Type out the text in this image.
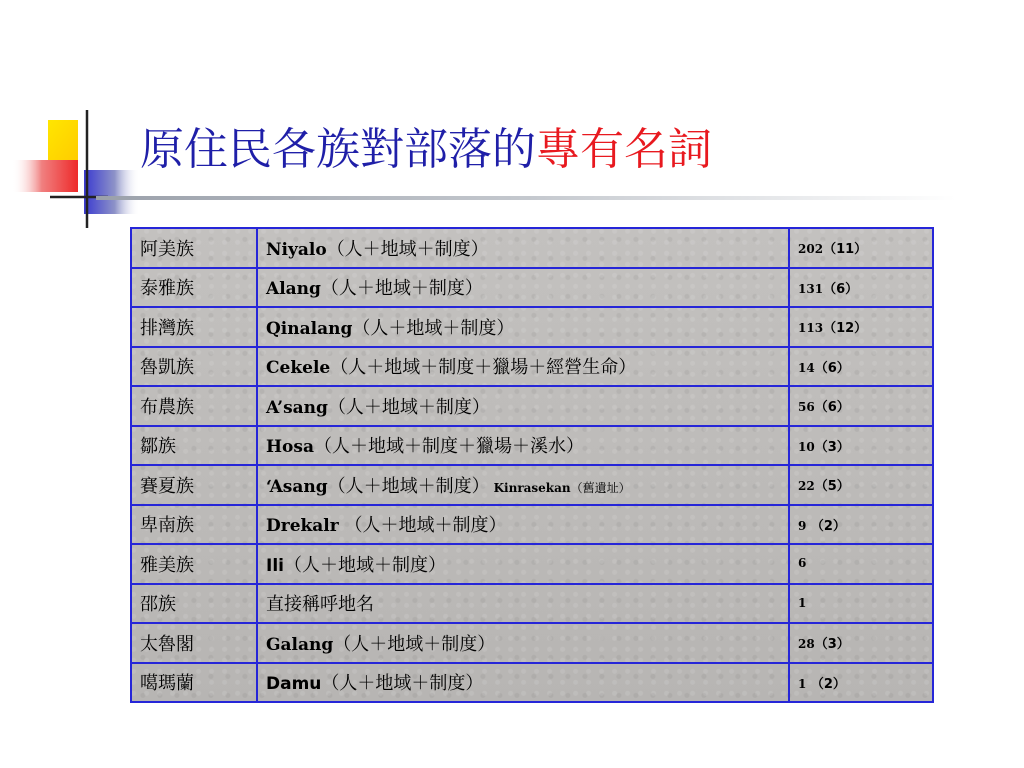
原住民各族對部落的專有名詞
阿美族	Niyalo（人＋地域＋制度）	202（11）
泰雅族	Alang（人＋地域＋制度）	131（6）
排灣族	Qinalang（人＋地域＋制度）	113（12）
魯凱族	Cekele（人＋地域＋制度＋獵場＋經營生命）	14（6）
布農族	A’sang（人＋地域＋制度）	56（6）
鄒族	Hosa（人＋地域＋制度＋獵場＋溪水）	10（3）
賽夏族	‘Asang（人＋地域＋制度） Kinrasekan（舊遺址）	22（5）
卑南族	Drekalr （人＋地域＋制度）	9 （2）
雅美族	Ili（人＋地域＋制度）	6
邵族	直接稱呼地名	1
太魯閣	Galang（人＋地域＋制度）	28（3）
噶瑪蘭	Damu（人＋地域＋制度）	1 （2）
